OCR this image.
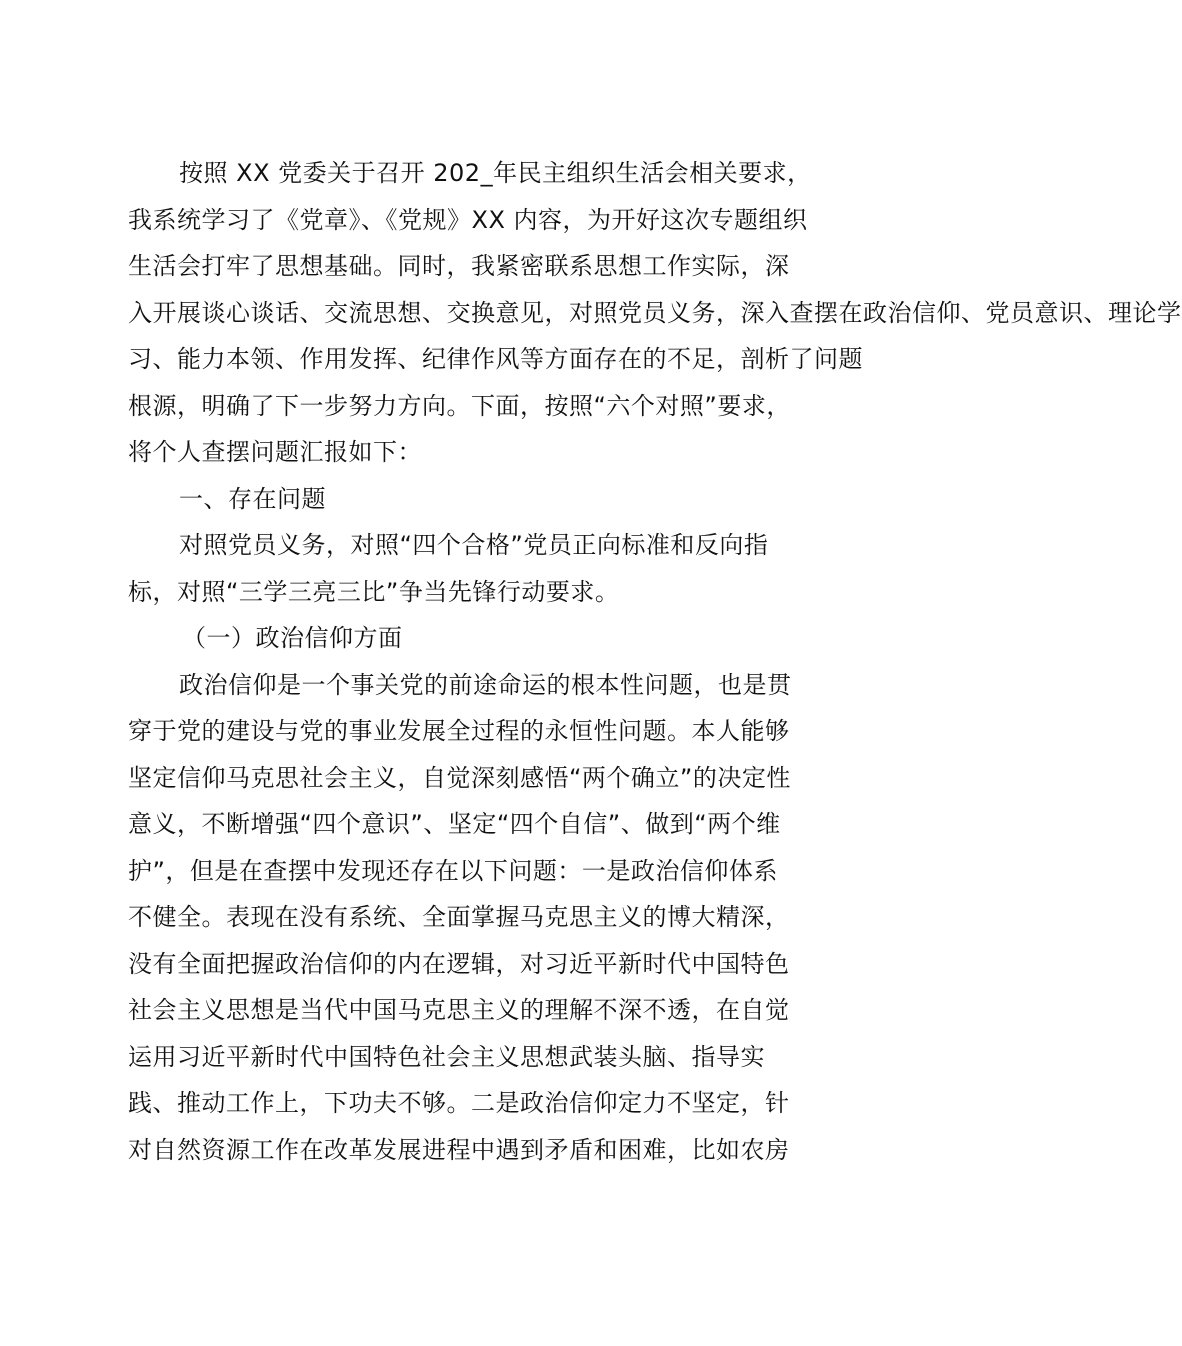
按照 XX 党委关于召开 202_年民主组织生活会相关要求，
我系统学习了《党章》、《党规》XX 内容，为开好这次专题组织
生活会打牢了思想基础。同时，我紧密联系思想工作实际，深
入开展谈心谈话、交流思想、交换意见，对照党员义务，深入查摆在政治信仰、党员意识、理论学
习、能力本领、作用发挥、纪律作风等方面存在的不足，剖析了问题
根源，明确了下一步努力方向。下面，按照“六个对照”要求，
将个人查摆问题汇报如下：
一、存在问题
对照党员义务，对照“四个合格”党员正向标准和反向指
标，对照“三学三亮三比”争当先锋行动要求。
（一）政治信仰方面
政治信仰是一个事关党的前途命运的根本性问题，也是贯
穿于党的建设与党的事业发展全过程的永恒性问题。本人能够
坚定信仰马克思社会主义，自觉深刻感悟“两个确立”的决定性
意义，不断增强“四个意识”、坚定“四个自信”、做到“两个维
护”，但是在查摆中发现还存在以下问题：一是政治信仰体系
不健全。表现在没有系统、全面掌握马克思主义的博大精深，
没有全面把握政治信仰的内在逻辑，对习近平新时代中国特色
社会主义思想是当代中国马克思主义的理解不深不透，在自觉
运用习近平新时代中国特色社会主义思想武装头脑、指导实
践、推动工作上，下功夫不够。二是政治信仰定力不坚定，针
对自然资源工作在改革发展进程中遇到矛盾和困难，比如农房
